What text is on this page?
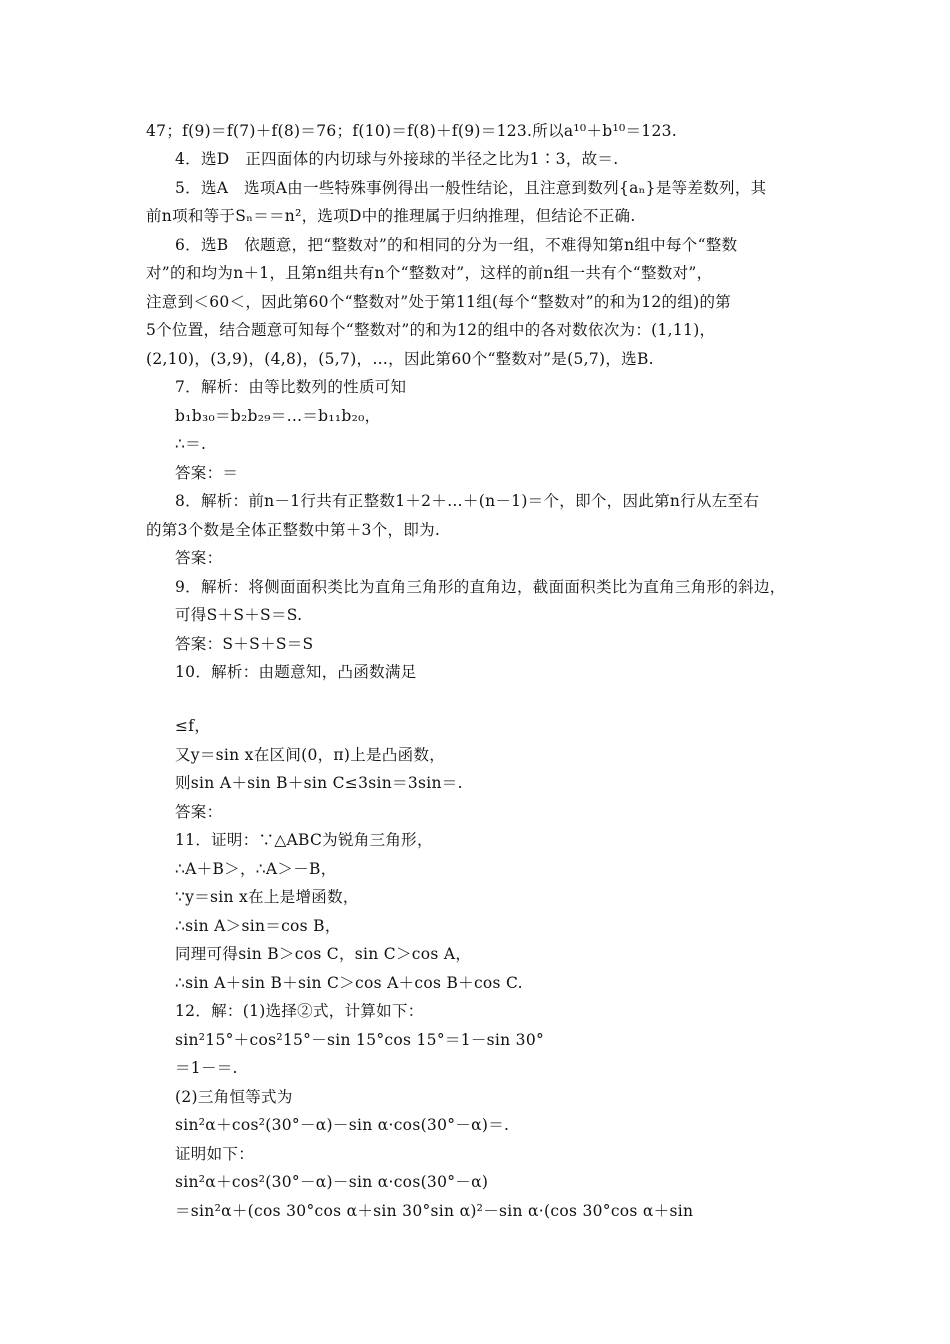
47；f(9)＝f(7)＋f(8)＝76；f(10)＝f(8)＋f(9)＝123.所以a¹⁰＋b¹⁰＝123.
4．选D　正四面体的内切球与外接球的半径之比为1∶3，故＝.
5．选A　选项A由一些特殊事例得出一般性结论，且注意到数列{aₙ}是等差数列，其
前n项和等于Sₙ＝＝n²，选项D中的推理属于归纳推理，但结论不正确.
6．选B　依题意，把“整数对”的和相同的分为一组，不难得知第n组中每个“整数
对”的和均为n＋1，且第n组共有n个“整数对”，这样的前n组一共有个“整数对”，
注意到＜60＜，因此第60个“整数对”处于第11组(每个“整数对”的和为12的组)的第
5个位置，结合题意可知每个“整数对”的和为12的组中的各对数依次为：(1,11)，
(2,10)，(3,9)，(4,8)，(5,7)，…，因此第60个“整数对”是(5,7)，选B.
7．解析：由等比数列的性质可知
b₁b₃₀＝b₂b₂₉＝…＝b₁₁b₂₀，
∴＝.
答案：＝
8．解析：前n－1行共有正整数1＋2＋…＋(n－1)＝个，即个，因此第n行从左至右
的第3个数是全体正整数中第＋3个，即为.
答案：
9．解析：将侧面面积类比为直角三角形的直角边，截面面积类比为直角三角形的斜边，
可得S＋S＋S＝S.
答案：S＋S＋S＝S
10．解析：由题意知，凸函数满足
≤f，
又y＝sin x在区间(0，π)上是凸函数，
则sin A＋sin B＋sin C≤3sin＝3sin＝.
答案：
11．证明：∵△ABC为锐角三角形，
∴A＋B＞，∴A＞－B，
∵y＝sin x在上是增函数，
∴sin A＞sin＝cos B，
同理可得sin B＞cos C，sin C＞cos A，
∴sin A＋sin B＋sin C＞cos A＋cos B＋cos C.
12．解：(1)选择②式，计算如下：
sin²15°＋cos²15°－sin 15°cos 15°＝1－sin 30°
＝1－＝.
(2)三角恒等式为
sin²α＋cos²(30°－α)－sin α·cos(30°－α)＝.
证明如下：
sin²α＋cos²(30°－α)－sin α·cos(30°－α)
＝sin²α＋(cos 30°cos α＋sin 30°sin α)²－sin α·(cos 30°cos α＋sin
